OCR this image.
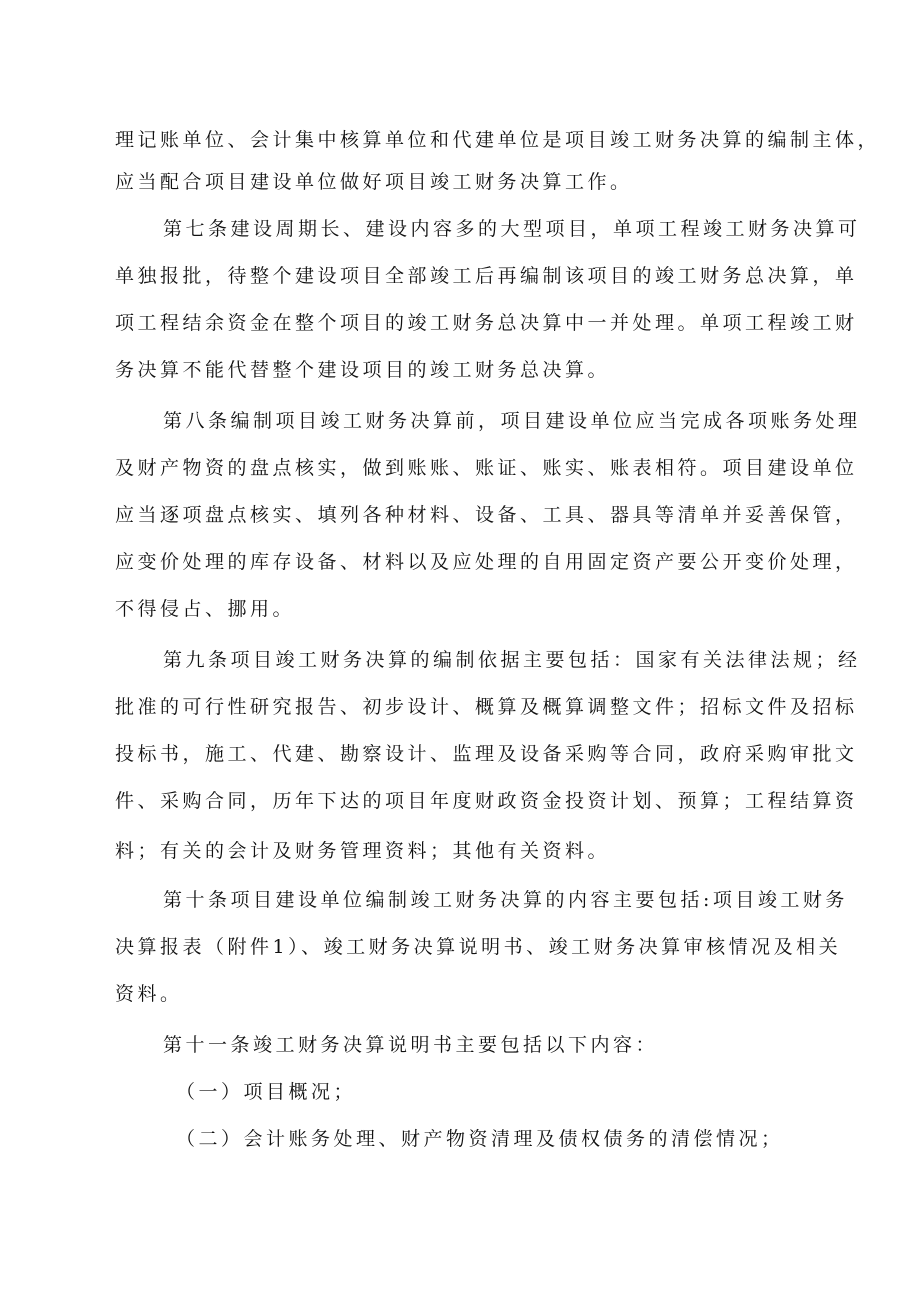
理记账单位、会计集中核算单位和代建单位是项目竣工财务决算的编制主体，
应当配合项目建设单位做好项目竣工财务决算工作。
第七条建设周期长、建设内容多的大型项目，单项工程竣工财务决算可
单独报批，待整个建设项目全部竣工后再编制该项目的竣工财务总决算，单
项工程结余资金在整个项目的竣工财务总决算中一并处理。单项工程竣工财
务决算不能代替整个建设项目的竣工财务总决算。
第八条编制项目竣工财务决算前，项目建设单位应当完成各项账务处理
及财产物资的盘点核实，做到账账、账证、账实、账表相符。项目建设单位
应当逐项盘点核实、填列各种材料、设备、工具、器具等清单并妥善保管，
应变价处理的库存设备、材料以及应处理的自用固定资产要公开变价处理，
不得侵占、挪用。
第九条项目竣工财务决算的编制依据主要包括：国家有关法律法规；经
批准的可行性研究报告、初步设计、概算及概算调整文件；招标文件及招标
投标书，施工、代建、勘察设计、监理及设备采购等合同，政府采购审批文
件、采购合同，历年下达的项目年度财政资金投资计划、预算；工程结算资
料；有关的会计及财务管理资料；其他有关资料。
第十条项目建设单位编制竣工财务决算的内容主要包括:项目竣工财务
决算报表（附件1）、竣工财务决算说明书、竣工财务决算审核情况及相关
资料。
第十一条竣工财务决算说明书主要包括以下内容：
（一）项目概况；
（二）会计账务处理、财产物资清理及债权债务的清偿情况；
